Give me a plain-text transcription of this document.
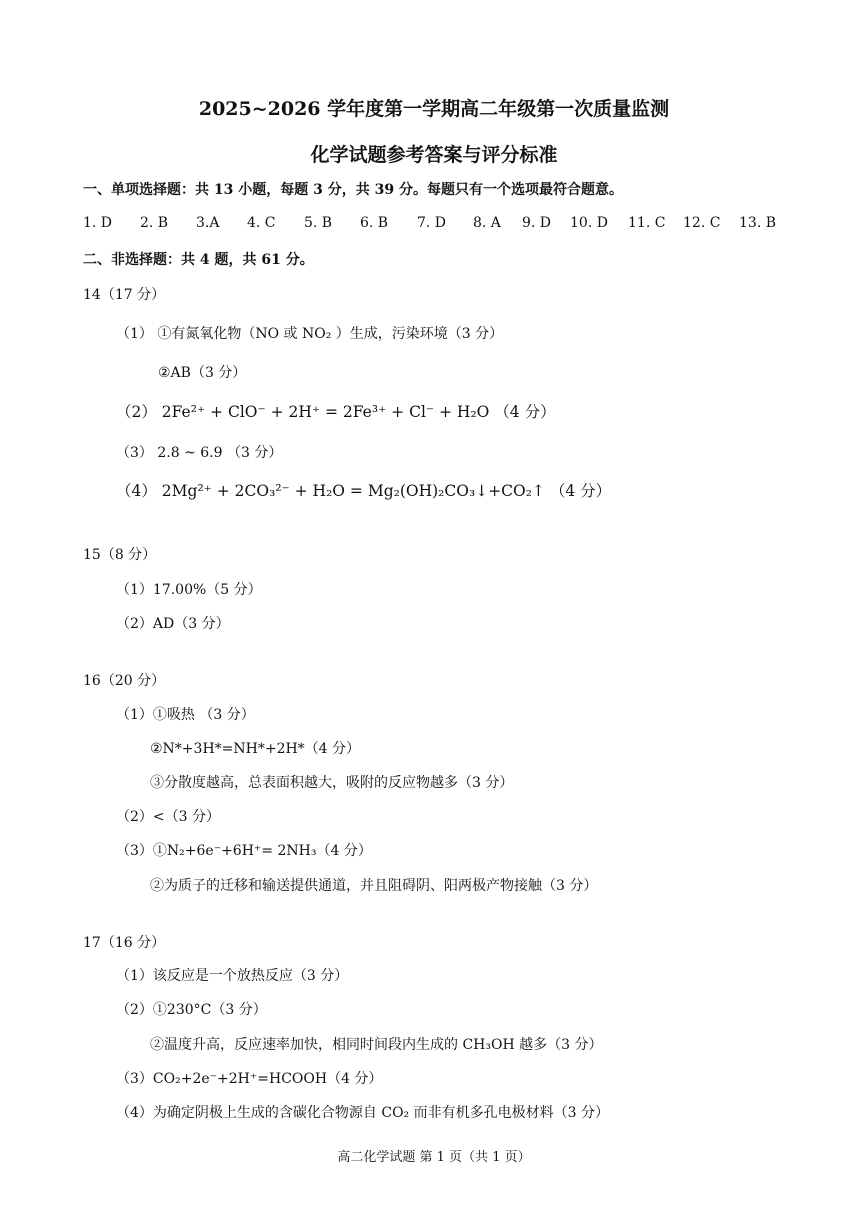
2025~2026 学年度第一学期高二年级第一次质量监测
化学试题参考答案与评分标准
一、单项选择题：共 13 小题，每题 3 分，共 39 分。每题只有一个选项最符合题意。
1. D 2. B 3.A 4. C 5. B 6. B 7. D 8. A 9. D 10. D 11. C 12. C 13. B
二、非选择题：共 4 题，共 61 分。
14（17 分）
（1） ①有氮氧化物（NO 或 NO₂ ）生成，污染环境（3 分）
②AB（3 分）
（2） 2Fe²⁺ + ClO⁻ + 2H⁺ = 2Fe³⁺ + Cl⁻ + H₂O （4 分）
（3） 2.8 ~ 6.9 （3 分）
（4） 2Mg²⁺ + 2CO₃²⁻ + H₂O = Mg₂(OH)₂CO₃↓+CO₂↑ （4 分）
15（8 分）
（1）17.00%（5 分）
（2）AD（3 分）
16（20 分）
（1）①吸热 （3 分）
②N*+3H*=NH*+2H*（4 分）
③分散度越高，总表面积越大，吸附的反应物越多（3 分）
（2）<（3 分）
（3）①N₂+6e⁻+6H⁺= 2NH₃（4 分）
②为质子的迁移和输送提供通道，并且阻碍阴、阳两极产物接触（3 分）
17（16 分）
（1）该反应是一个放热反应（3 分）
（2）①230°C（3 分）
②温度升高，反应速率加快，相同时间段内生成的 CH₃OH 越多（3 分）
（3）CO₂+2e⁻+2H⁺=HCOOH（4 分）
（4）为确定阴极上生成的含碳化合物源自 CO₂ 而非有机多孔电极材料（3 分）
高二化学试题 第 1 页（共 1 页）
